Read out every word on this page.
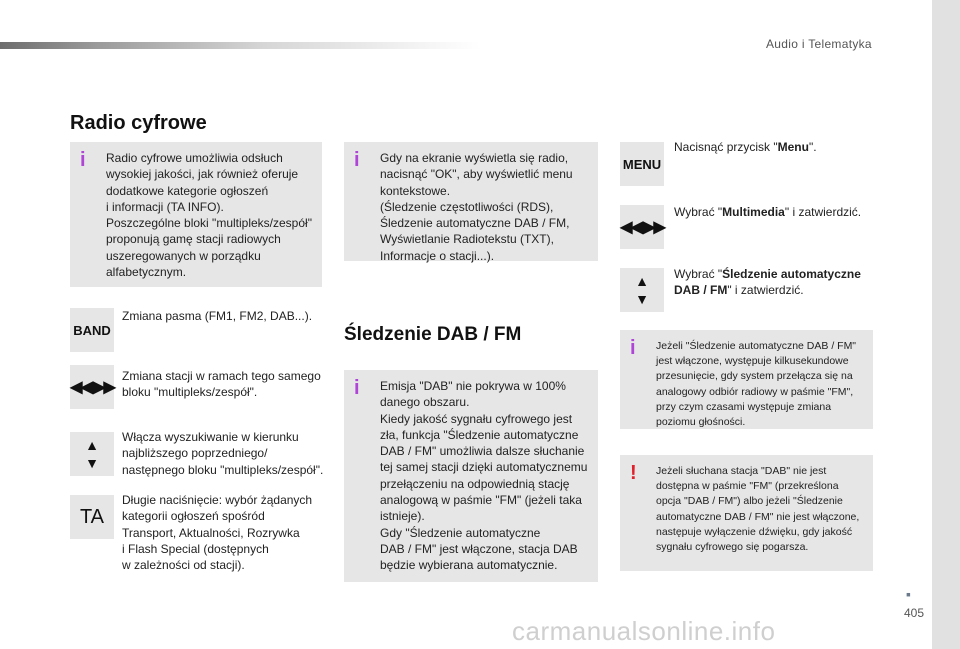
Audio i Telematyka
Radio cyfrowe
i Radio cyfrowe umożliwia odsłuch
wysokiej jakości, jak również oferuje
dodatkowe kategorie ogłoszeń
i informacji (TA INFO).
Poszczególne bloki "multipleks/zespół"
proponują gamę stacji radiowych
uszeregowanych w porządku
alfabetycznym.

BAND

Zmiana pasma (FM1, FM2, DAB...).

◀◀ ▶▶

Zmiana stacji w ramach tego samego
bloku "multipleks/zespół".

▲
▼

Włącza wyszukiwanie w kierunku
najbliższego poprzedniego/
następnego bloku "multipleks/zespół".

TA

Długie naciśnięcie: wybór żądanych
kategorii ogłoszeń spośród
Transport, Aktualności, Rozrywka
i Flash Special (dostępnych
w zależności od stacji).

i Gdy na ekranie wyświetla się radio,
nacisnąć "OK", aby wyświetlić menu
kontekstowe.
(Śledzenie częstotliwości (RDS),
Śledzenie automatyczne DAB / FM,
Wyświetlanie Radiotekstu (TXT),
Informacje o stacji...).

Śledzenie DAB / FM
i Emisja "DAB" nie pokrywa w 100%
danego obszaru.
Kiedy jakość sygnału cyfrowego jest
zła, funkcja "Śledzenie automatyczne
DAB / FM" umożliwia dalsze słuchanie
tej samej stacji dzięki automatycznemu
przełączeniu na odpowiednią stację
analogową w paśmie "FM" (jeżeli taka
istnieje).
Gdy "Śledzenie automatyczne
DAB / FM" jest włączone, stacja DAB
będzie wybierana automatycznie.

MENU

Nacisnąć przycisk "Menu".

◀◀ ▶▶

Wybrać "Multimedia" i zatwierdzić.

▲
▼

Wybrać "Śledzenie automatyczne
DAB / FM" i zatwierdzić.

i Jeżeli "Śledzenie automatyczne DAB / FM"
jest włączone, występuje kilkusekundowe
przesunięcie, gdy system przełącza się na
analogowy odbiór radiowy w paśmie "FM",
przy czym czasami występuje zmiana
poziomu głośności.

! Jeżeli słuchana stacja "DAB" nie jest
dostępna w paśmie "FM" (przekreślona
opcja "DAB / FM") albo jeżeli "Śledzenie
automatyczne DAB / FM" nie jest włączone,
następuje wyłączenie dźwięku, gdy jakość
sygnału cyfrowego się pogarsza.

▪
405
carmanualsonline.info
